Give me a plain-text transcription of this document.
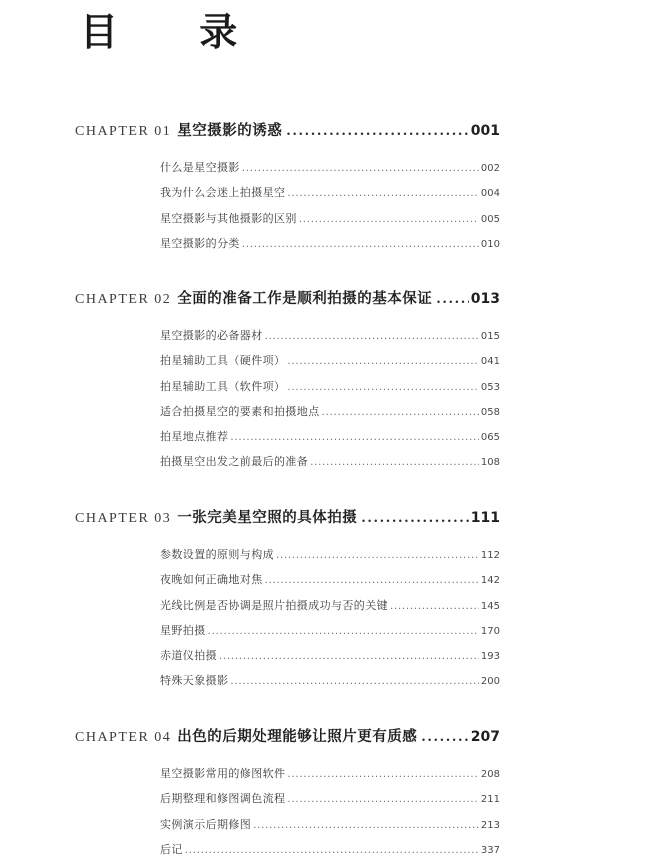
目 录
CHAPTER 01 星空摄影的诱惑 .....	001
什么是星空摄影 .....	002
我为什么会迷上拍摄星空 .....	004
星空摄影与其他摄影的区别 .....	005
星空摄影的分类 .....	010
CHAPTER 02 全面的准备工作是顺利拍摄的基本保证 .....	013
星空摄影的必备器材 .....	015
拍星辅助工具（硬件项） .....	041
拍星辅助工具（软件项） .....	053
适合拍摄星空的要素和拍摄地点 .....	058
拍星地点推荐 .....	065
拍摄星空出发之前最后的准备 .....	108
CHAPTER 03 一张完美星空照的具体拍摄 .....	111
参数设置的原则与构成 .....	112
夜晚如何正确地对焦 .....	142
光线比例是否协调是照片拍摄成功与否的关键 .....	145
星野拍摄 .....	170
赤道仪拍摄 .....	193
特殊天象摄影 .....	200
CHAPTER 04 出色的后期处理能够让照片更有质感 .....	207
星空摄影常用的修图软件 .....	208
后期整理和修图调色流程 .....	211
实例演示后期修图 .....	213
后记 .....	337
